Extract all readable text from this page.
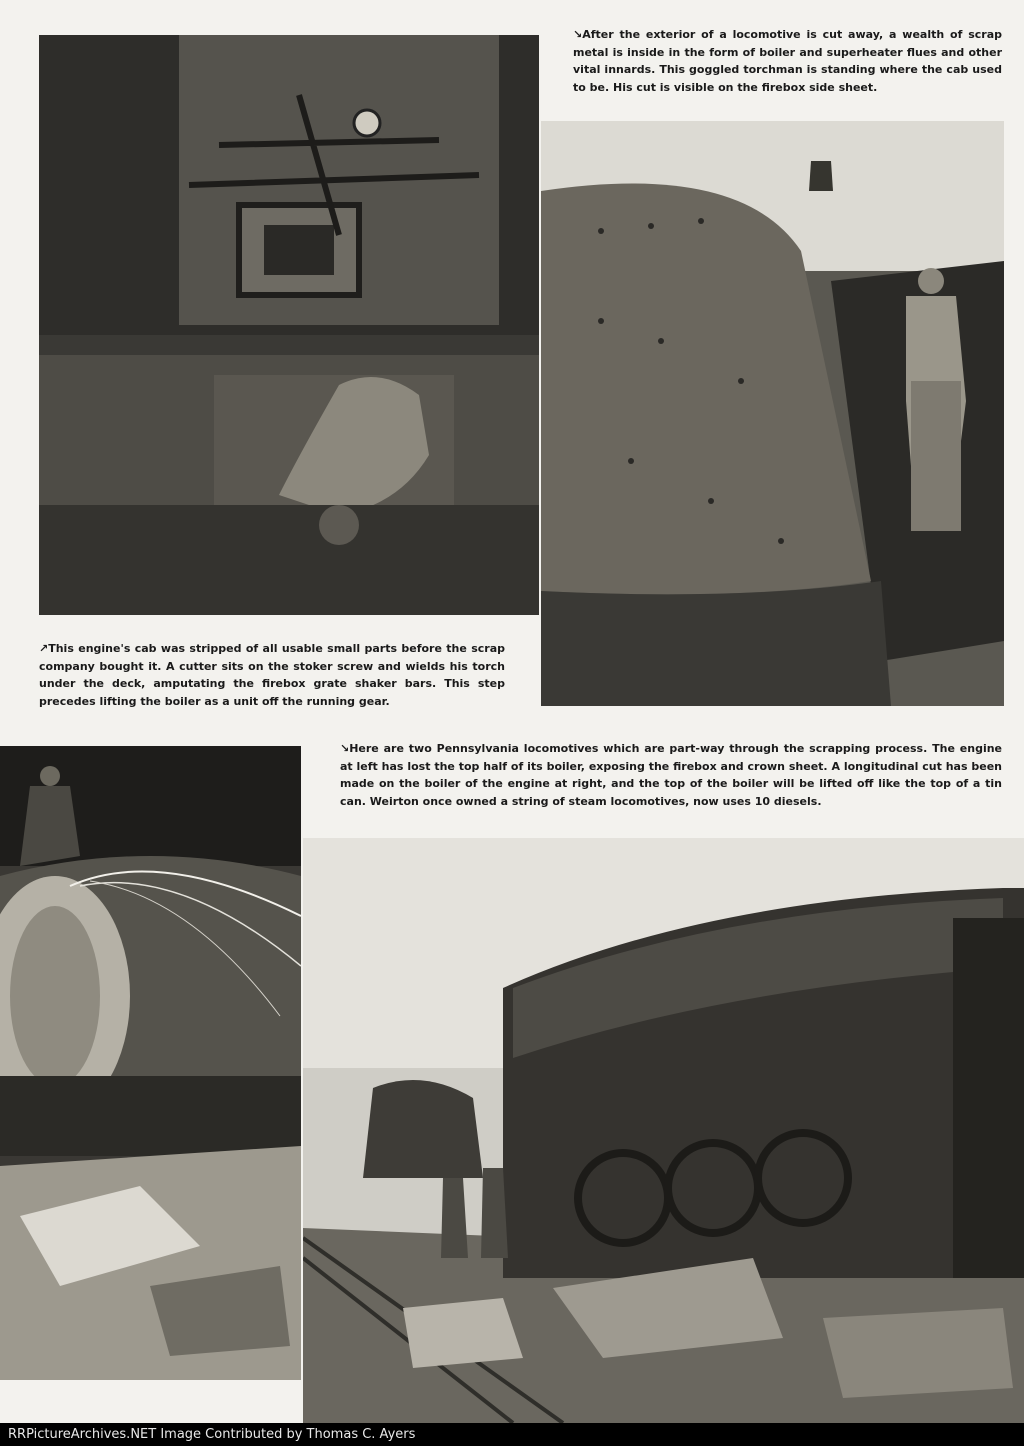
↘After the exterior of a locomotive is cut away, a wealth of scrap metal is inside in the form of boiler and superheater flues and other vital innards. This goggled torchman is standing where the cab used to be. His cut is visible on the firebox side sheet.

↗This engine's cab was stripped of all usable small parts before the scrap company bought it. A cutter sits on the stoker screw and wields his torch under the deck, amputating the firebox grate shaker bars. This step precedes lifting the boiler as a unit off the running gear.

↘Here are two Pennsylvania locomotives which are part-way through the scrapping process. The engine at left has lost the top half of its boiler, exposing the firebox and crown sheet. A longitudinal cut has been made on the boiler of the engine at right, and the top of the boiler will be lifted off like the top of a tin can. Weirton once owned a string of steam locomotives, now uses 10 diesels.

RRPictureArchives.NET Image Contributed by Thomas C. Ayers
